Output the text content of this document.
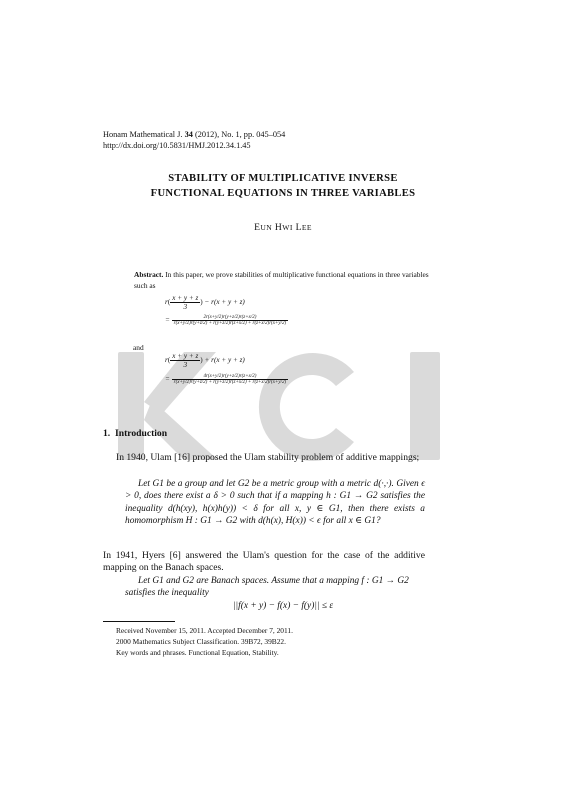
Honam Mathematical J. 34 (2012), No. 1, pp. 045–054
http://dx.doi.org/10.5831/HMJ.2012.34.1.45
STABILITY OF MULTIPLICATIVE INVERSE
FUNCTIONAL EQUATIONS IN THREE VARIABLES
EUN HWI LEE
Abstract. In this paper, we prove stabilities of multiplicative functional equations in three variables such as
$r( \frac{x + y + z}{3}$ ) − r(x + y + z)
= $\frac{2r(x+y/2)r(y+z/2)r(z+x/2)}{r(x+y/2)r(y+z/2) + r(y+z/2)r(z+x/2) + r(z+x/2)r(x+y/2)}$
and
$r( \frac{x + y + z}{3}$ ) + r(x + y + z)
= $\frac{4r(x+y/2)r(y+z/2)r(z+x/2)}{r(x+y/2)r(y+z/2) + r(y+z/2)r(z+x/2) + r(z+x/2)r(x+y/2)}$
1. Introduction
In 1940, Ulam [16] proposed the Ulam stability problem of additive mappings;
Let G1 be a group and let G2 be a metric group with a metric d(·,·). Given ϵ > 0, does there exist a δ > 0 such that if a mapping h : G1 → G2 satisfies the inequality d(h(xy), h(x)h(y)) < δ for all x, y ∈ G1, then there exists a homomorphism H : G1 → G2 with d(h(x), H(x)) < ϵ for all x ∈ G1?
In 1941, Hyers [6] answered the Ulam's question for the case of the additive mapping on the Banach spaces.
Let G1 and G2 are Banach spaces. Assume that a mapping f : G1 → G2 satisfies the inequality
||f(x + y) − f(x) − f(y)|| ≤ ε
Received November 15, 2011. Accepted December 7, 2011.
2000 Mathematics Subject Classification. 39B72, 39B22.
Key words and phrases. Functional Equation, Stability.
